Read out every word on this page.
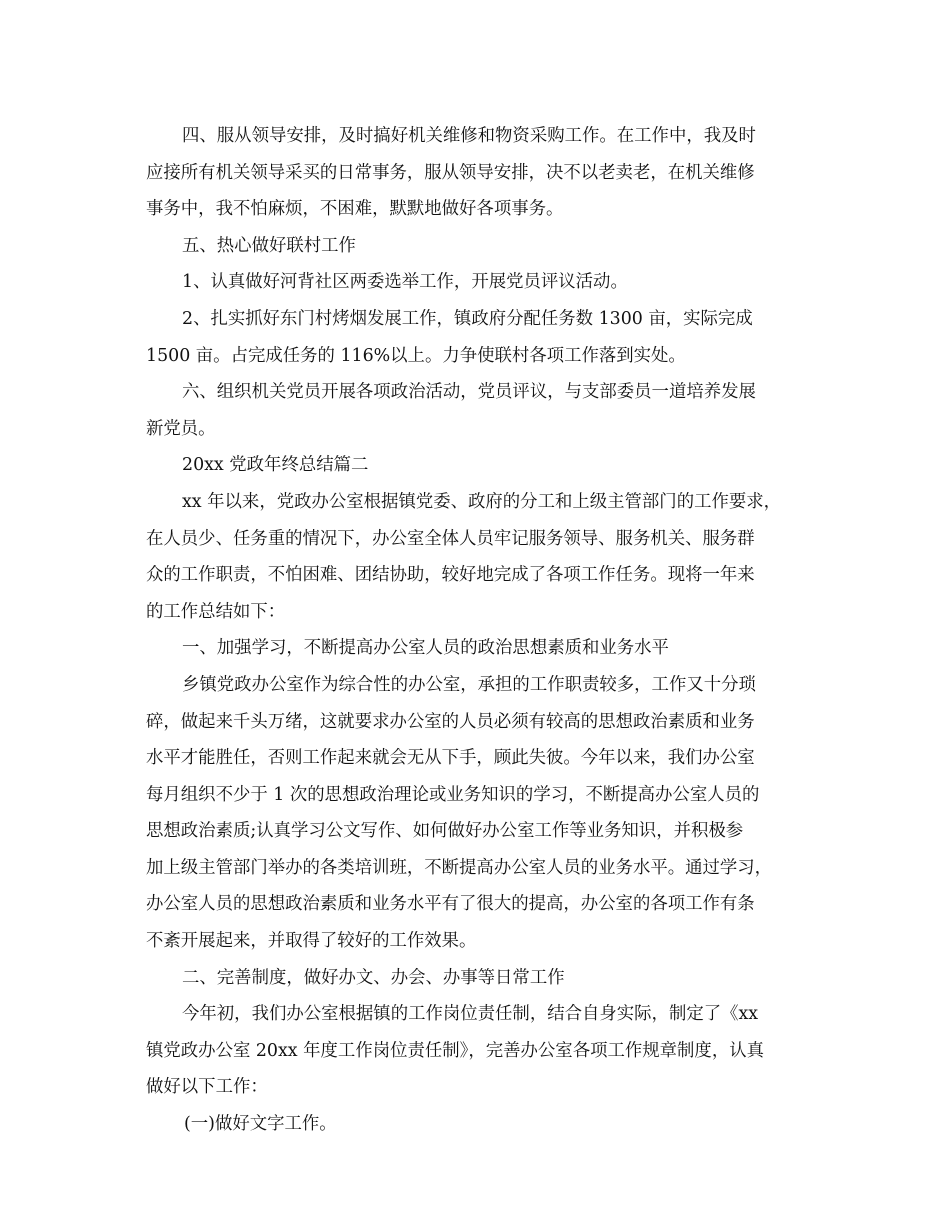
四、服从领导安排，及时搞好机关维修和物资采购工作。在工作中，我及时
应接所有机关领导采买的日常事务，服从领导安排，决不以老卖老，在机关维修
事务中，我不怕麻烦，不困难，默默地做好各项事务。
五、热心做好联村工作
1、认真做好河背社区两委选举工作，开展党员评议活动。
2、扎实抓好东门村烤烟发展工作，镇政府分配任务数 1300 亩，实际完成
1500 亩。占完成任务的 116%以上。力争使联村各项工作落到实处。
六、组织机关党员开展各项政治活动，党员评议，与支部委员一道培养发展
新党员。
20xx 党政年终总结篇二
xx 年以来，党政办公室根据镇党委、政府的分工和上级主管部门的工作要求，
在人员少、任务重的情况下，办公室全体人员牢记服务领导、服务机关、服务群
众的工作职责，不怕困难、团结协助，较好地完成了各项工作任务。现将一年来
的工作总结如下：
一、加强学习，不断提高办公室人员的政治思想素质和业务水平
乡镇党政办公室作为综合性的办公室，承担的工作职责较多，工作又十分琐
碎，做起来千头万绪，这就要求办公室的人员必须有较高的思想政治素质和业务
水平才能胜任，否则工作起来就会无从下手，顾此失彼。今年以来，我们办公室
每月组织不少于 1 次的思想政治理论或业务知识的学习，不断提高办公室人员的
思想政治素质;认真学习公文写作、如何做好办公室工作等业务知识，并积极参
加上级主管部门举办的各类培训班，不断提高办公室人员的业务水平。通过学习，
办公室人员的思想政治素质和业务水平有了很大的提高，办公室的各项工作有条
不紊开展起来，并取得了较好的工作效果。
二、完善制度，做好办文、办会、办事等日常工作
今年初，我们办公室根据镇的工作岗位责任制，结合自身实际，制定了《xx
镇党政办公室 20xx 年度工作岗位责任制》，完善办公室各项工作规章制度，认真
做好以下工作：
(一)做好文字工作。
